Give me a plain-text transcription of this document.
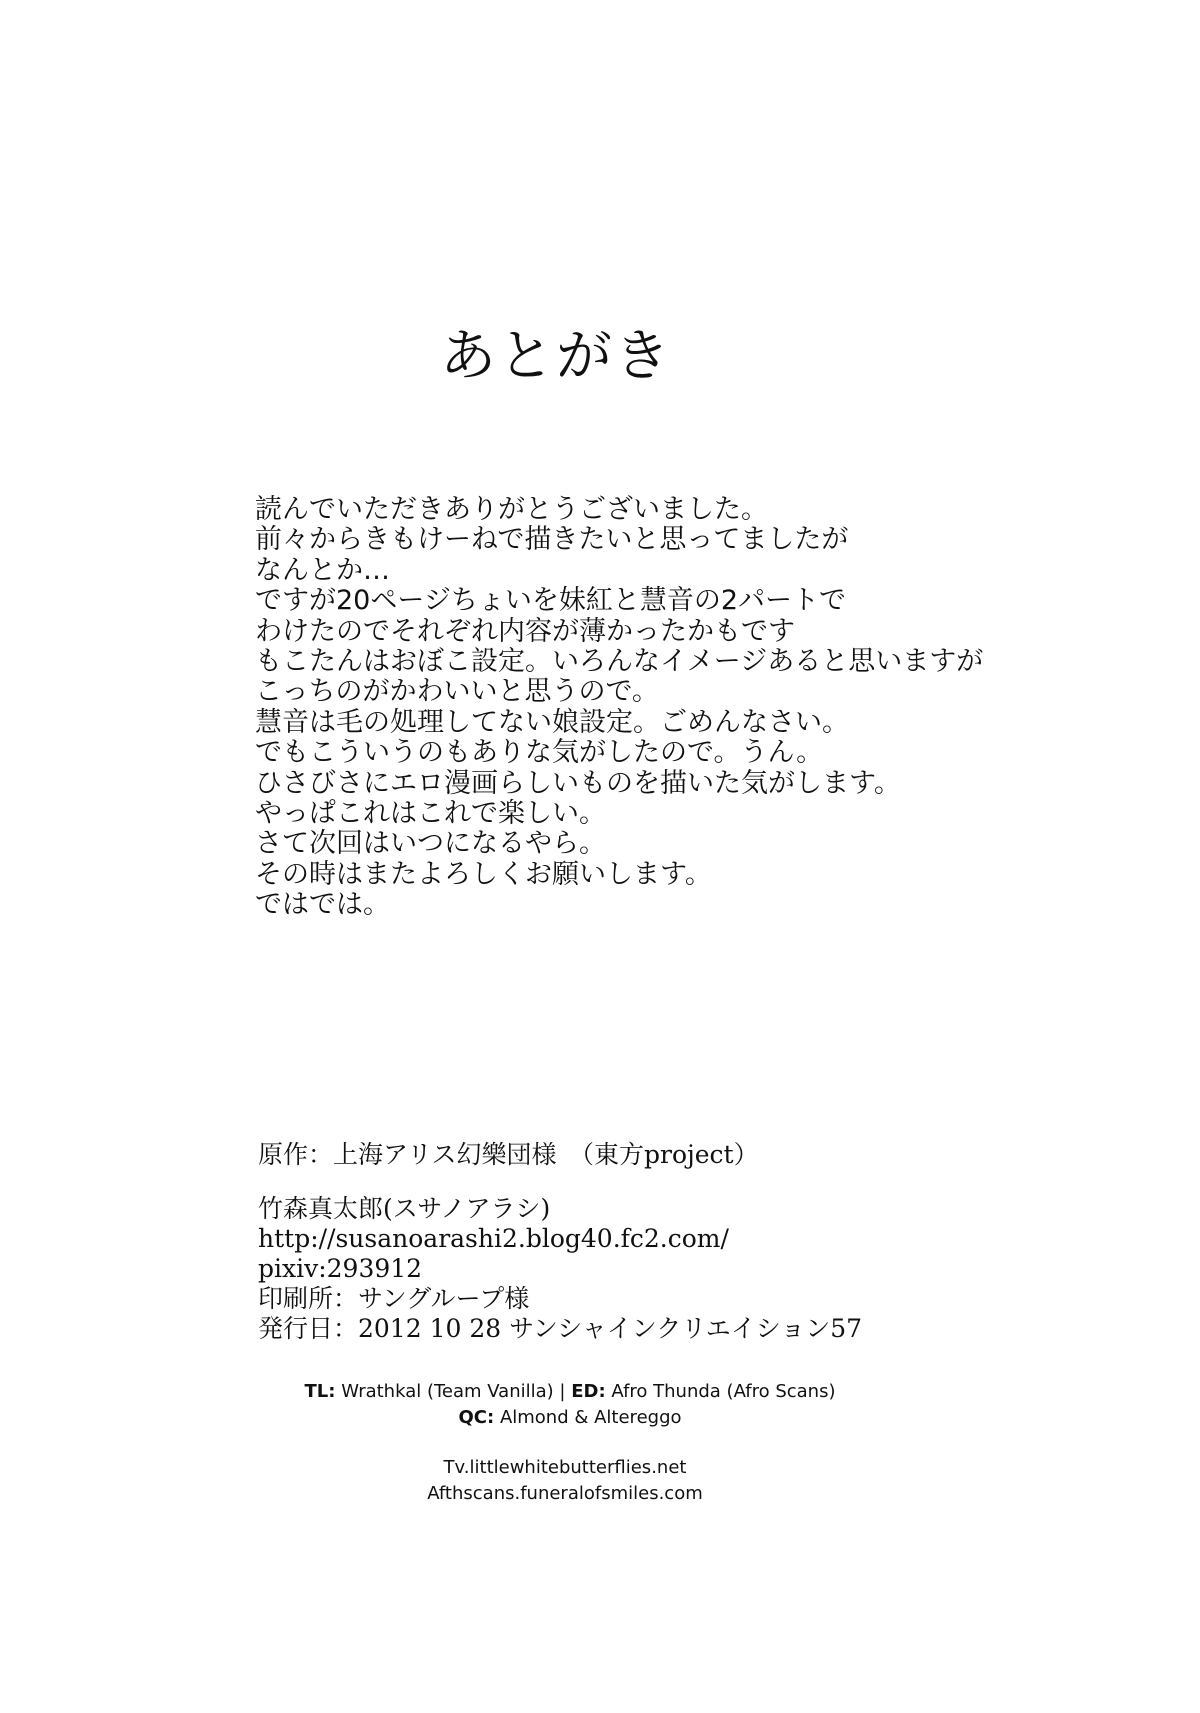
あとがき
読んでいただきありがとうございました。
前々からきもけーねで描きたいと思ってましたが
なんとか…
ですが20ページちょいを妹紅と慧音の2パートで
わけたのでそれぞれ内容が薄かったかもです
もこたんはおぼこ設定。いろんなイメージあると思いますが
こっちのがかわいいと思うので。
慧音は毛の処理してない娘設定。ごめんなさい。
でもこういうのもありな気がしたので。うん。
ひさびさにエロ漫画らしいものを描いた気がします。
やっぱこれはこれで楽しい。
さて次回はいつになるやら。
その時はまたよろしくお願いします。
ではでは。
原作：上海アリス幻樂団様　（東方project）
竹森真太郎(スサノアラシ)
http://susanoarashi2.blog40.fc2.com/
pixiv:293912
印刷所：サングループ様
発行日：2012 10 28 サンシャインクリエイション57
TL: Wrathkal (Team Vanilla) | ED: Afro Thunda (Afro Scans)
QC: Almond & Altereggo
Tv.littlewhitebutterflies.net
Afthscans.funeralofsmiles.com
